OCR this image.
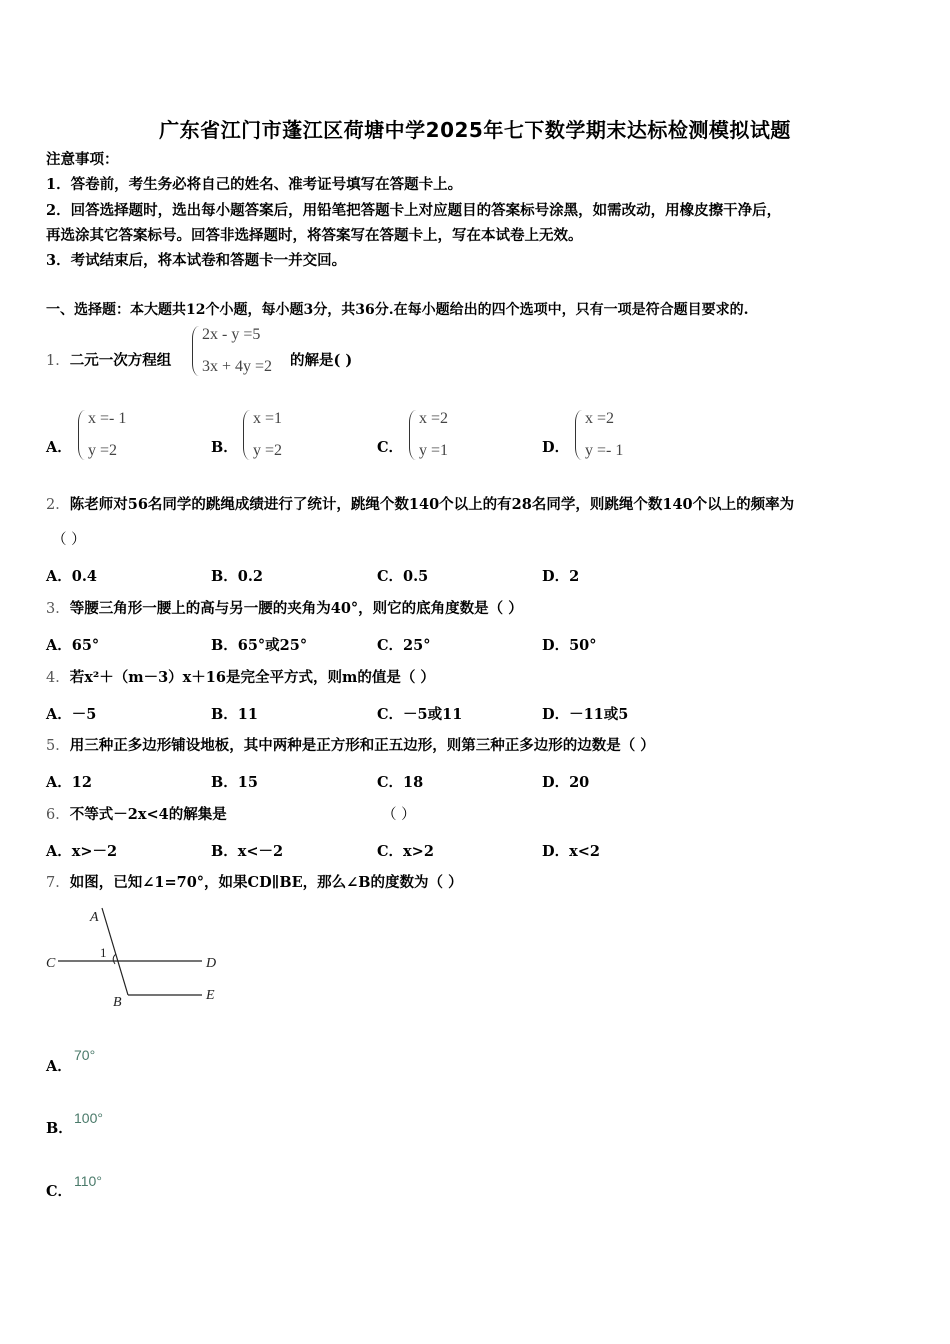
广东省江门市蓬江区荷塘中学2025年七下数学期末达标检测模拟试题
注意事项：
1．答卷前，考生务必将自己的姓名、准考证号填写在答题卡上。
2．回答选择题时，选出每小题答案后，用铅笔把答题卡上对应题目的答案标号涂黑，如需改动，用橡皮擦干净后，
再选涂其它答案标号。回答非选择题时，将答案写在答题卡上，写在本试卷上无效。
3．考试结束后，将本试卷和答题卡一并交回。
一、选择题：本大题共12个小题，每小题3分，共36分.在每小题给出的四个选项中，只有一项是符合题目要求的.
1．二元一次方程组
2x - y =5
3x + 4y =2 的解是( )
A．
x =- 1
y =2	B．
x =1
y =2	C．
x =2
y =1	D．
x =2
y =- 1
2．陈老师对56名同学的跳绳成绩进行了统计，跳绳个数140个以上的有28名同学，则跳绳个数140个以上的频率为
（ ）
A．0.4	B．0.2	C．0.5	D．2
3．等腰三角形一腰上的高与另一腰的夹角为40°，则它的底角度数是（ ）
A．65°	B．65°或25°	C．25°	D．50°
4．若x²＋（m－3）x＋16是完全平方式，则m的值是（ ）
A．－5	B．11	C．－5或11	D．－11或5
5．用三种正多边形铺设地板，其中两种是正方形和正五边形，则第三种正多边形的边数是（ ）
A．12	B．15	C．18	D．20
6．不等式－2x<4的解集是	（ ）
A．x>－2	B．x<－2	C．x>2	D．x<2
7．如图，已知∠1=70°，如果CD∥BE，那么∠B的度数为（ ）
A
C	D
1
B	E
A．
70°
B．
100°
C．
110°
